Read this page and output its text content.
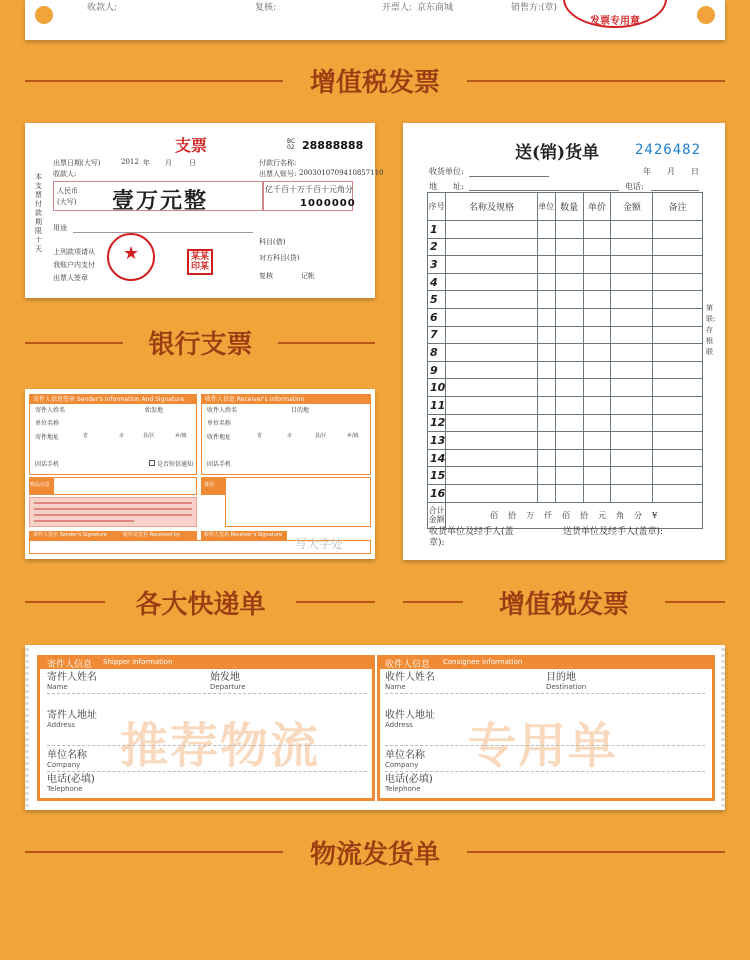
收款人:	复核:	开票人: 京东商城	销售方:(章)
发票专用章
增值税发票
支票	BC 02 28888888
出票日期(大写)	2012 年 月 日	付款行名称:
收款人:	出票人账号: 2003010709410857110
本支票付款期限十天
人民币
(大写) 壹万元整	亿千百十万千百十元角分
1000000
用途
上列款项请从
我账户内支付
出票人签章
★	某某印某
科目(借)
对方科目(贷)
复核	记帐
送(销)货单	2426482
收货单位:	年　　月　　日
地　　址:	电话:
序号	名称及规格	单位	数量	单价	金额	备注
1						
2						
3						
4						
5						
6						
7						
8						
9						
10						
11						
12						
13						
14						
15						
16						
合计金额	佰　拾　万　仟　佰　拾　元　角　分　¥					
第　联:存根联
收货单位及经手人(盖章):
送货单位及经手人(盖章):
银行支票
寄件人信息签章 Sender's Information And Signature	收件人信息 Receiver's Information
寄件人姓名	始发地
单位名称
寄件地址	省	市	县/区	乡/镇
固话手机	是否短信通知
收件人姓名	目的地
单位名称
收件地址	省	市	县/区	乡/镇
固话手机
物品信息	费用
寄件人签名 Sender's Signature	收件员签名 Received by	收件人签名 Receiver's Signature
写大字处
各大快递单	增值税发票
寄件人信息 Shipper information	收件人信息 Consignee information
推荐物流	专用单
寄件人姓名
Name
始发地
Departure
寄件人地址
Address
单位名称
Company
电话(必填)
Telephone
收件人姓名
Name
目的地
Destination
收件人地址
Address
单位名称
Company
电话(必填)
Telephone
物流发货单
